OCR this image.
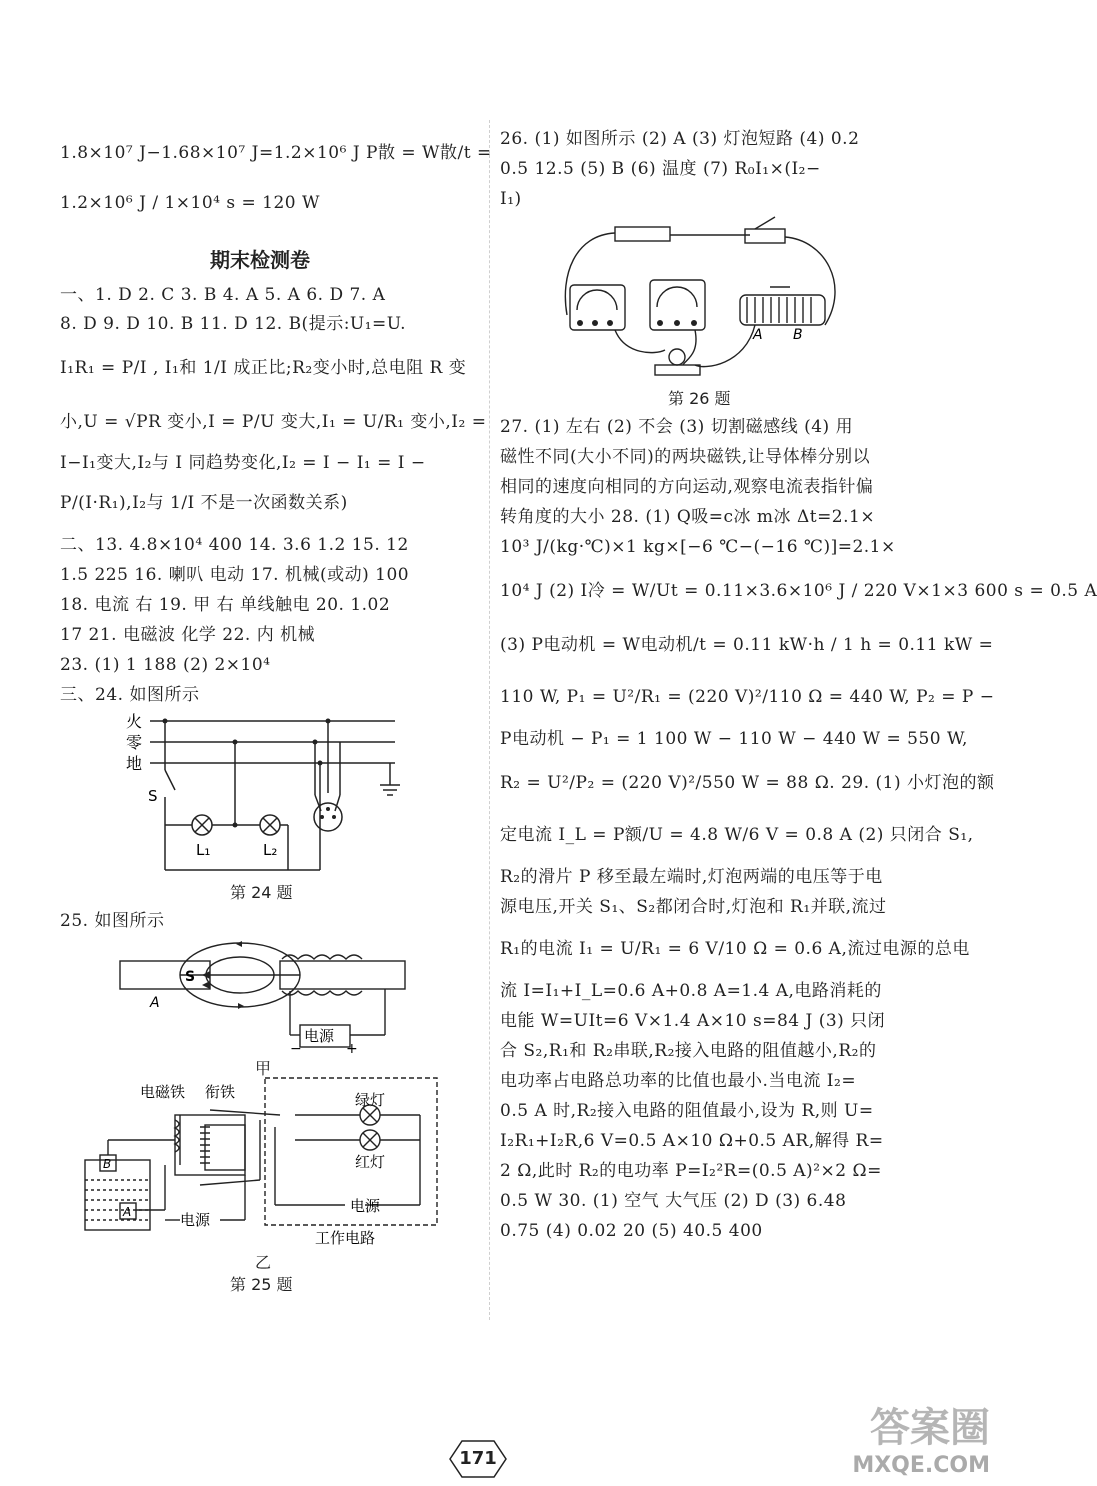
1.8×10⁷ J−1.68×10⁷ J=1.2×10⁶ J P散 = W散/t =
1.2×10⁶ J / 1×10⁴ s = 120 W
期末检测卷
一、1. D 2. C 3. B 4. A 5. A 6. D 7. A
8. D 9. D 10. B 11. D 12. B(提示:U₁=U.
I₁R₁ = P/I , I₁和 1/I 成正比;R₂变小时,总电阻 R 变
小,U = √PR 变小,I = P/U 变大,I₁ = U/R₁ 变小,I₂ =
I−I₁变大,I₂与 I 同趋势变化,I₂ = I − I₁ = I −
P/(I·R₁),I₂与 1/I 不是一次函数关系)
二、13. 4.8×10⁴ 400 14. 3.6 1.2 15. 12
1.5 225 16. 喇叭 电动 17. 机械(或动) 100
18. 电流 右 19. 甲 右 单线触电 20. 1.02
17 21. 电磁波 化学 22. 内 机械
23. (1) 1 188 (2) 2×10⁴
三、24. 如图所示
火
零
地
S
L₁	L₂
第 24 题
25. 如图所示
S
A
电源
−	+
甲
电磁铁 衔铁	绿灯
红灯
B
A	电源
电源
工作电路
乙
第 25 题
26. (1) 如图所示 (2) A (3) 灯泡短路 (4) 0.2
0.5 12.5 (5) B (6) 温度 (7) R₀I₁×(I₂−
I₁)
A B
第 26 题
27. (1) 左右 (2) 不会 (3) 切割磁感线 (4) 用
磁性不同(大小不同)的两块磁铁,让导体棒分别以
相同的速度向相同的方向运动,观察电流表指针偏
转角度的大小 28. (1) Q吸=c冰 m冰 Δt=2.1×
10³ J/(kg·℃)×1 kg×[−6 ℃−(−16 ℃)]=2.1×
10⁴ J (2) I冷 = W/Ut = 0.11×3.6×10⁶ J / 220 V×1×3 600 s = 0.5 A
(3) P电动机 = W电动机/t = 0.11 kW·h / 1 h = 0.11 kW =
110 W, P₁ = U²/R₁ = (220 V)²/110 Ω = 440 W, P₂ = P −
P电动机 − P₁ = 1 100 W − 110 W − 440 W = 550 W,
R₂ = U²/P₂ = (220 V)²/550 W = 88 Ω. 29. (1) 小灯泡的额
定电流 I_L = P额/U = 4.8 W/6 V = 0.8 A (2) 只闭合 S₁,
R₂的滑片 P 移至最左端时,灯泡两端的电压等于电
源电压,开关 S₁、S₂都闭合时,灯泡和 R₁并联,流过
R₁的电流 I₁ = U/R₁ = 6 V/10 Ω = 0.6 A,流过电源的总电
流 I=I₁+I_L=0.6 A+0.8 A=1.4 A,电路消耗的
电能 W=UIt=6 V×1.4 A×10 s=84 J (3) 只闭
合 S₂,R₁和 R₂串联,R₂接入电路的阻值越小,R₂的
电功率占电路总功率的比值也最小.当电流 I₂=
0.5 A 时,R₂接入电路的阻值最小,设为 R,则 U=
I₂R₁+I₂R,6 V=0.5 A×10 Ω+0.5 AR,解得 R=
2 Ω,此时 R₂的电功率 P=I₂²R=(0.5 A)²×2 Ω=
0.5 W 30. (1) 空气 大气压 (2) D (3) 6.48
0.75 (4) 0.02 20 (5) 40.5 400
171
答案圈
MXQE.COM
